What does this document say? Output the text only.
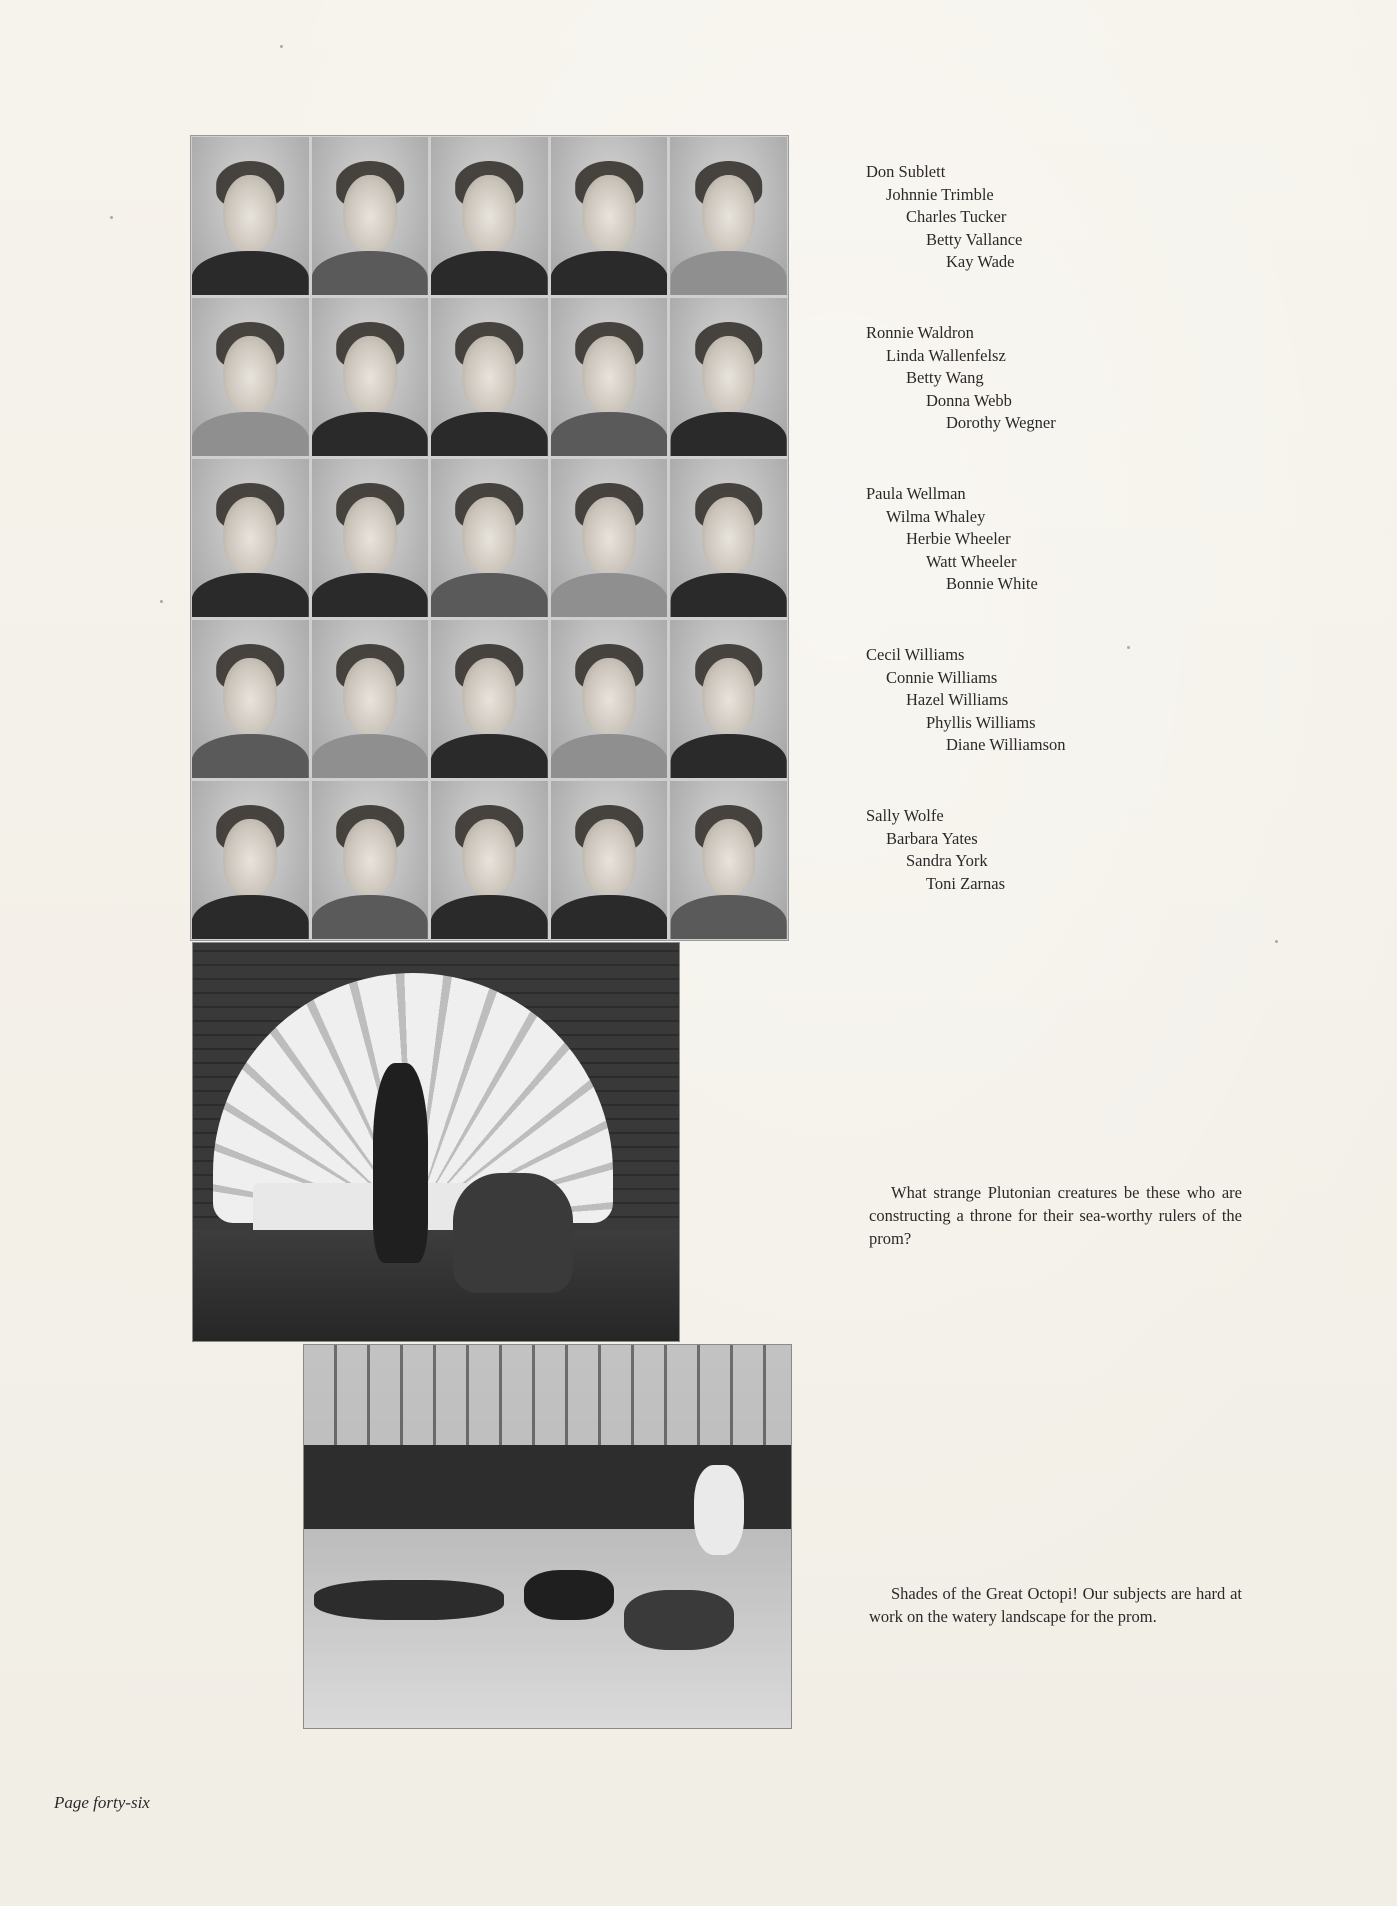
Don Sublett
Johnnie Trimble
Charles Tucker
Betty Vallance
Kay Wade
Ronnie Waldron
Linda Wallenfelsz
Betty Wang
Donna Webb
Dorothy Wegner
Paula Wellman
Wilma Whaley
Herbie Wheeler
Watt Wheeler
Bonnie White
Cecil Williams
Connie Williams
Hazel Williams
Phyllis Williams
Diane Williamson
Sally Wolfe
Barbara Yates
Sandra York
Toni Zarnas
What strange Plutonian creatures be these who are constructing a throne for their sea-worthy rulers of the prom?
Shades of the Great Octopi! Our subjects are hard at work on the watery landscape for the prom.
Page forty-six
